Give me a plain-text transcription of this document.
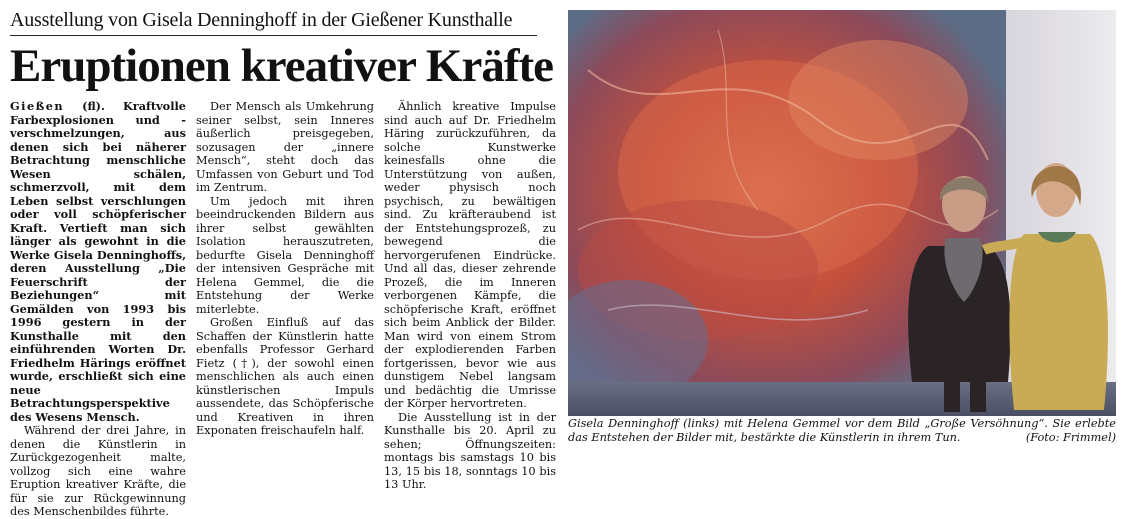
Ausstellung von Gisela Denninghoff in der Gießener Kunsthalle
Eruptionen kreativer Kräfte

Gießen (fl). Kraftvolle Farbexplosionen und -verschmelzungen, aus denen sich bei näherer Betrachtung menschliche Wesen schälen, schmerzvoll, mit dem Leben selbst verschlungen oder voll schöpferischer Kraft. Vertieft man sich länger als gewohnt in die Werke Gisela Denninghoffs, deren Ausstellung „Die Feuerschrift der Beziehungen“ mit Gemälden von 1993 bis 1996 gestern in der Kunsthalle mit den einführenden Worten Dr. Friedhelm Härings eröffnet wurde, erschließt sich eine neue Betrachtungsperspektive des Wesens Mensch.

Während der drei Jahre, in denen die Künstlerin in Zurückgezogenheit malte, vollzog sich eine wahre Eruption kreativer Kräfte, die für sie zur Rückgewinnung des Menschenbildes führte.

Der Mensch als Umkehrung seiner selbst, sein Inneres äußerlich preisgegeben, sozusagen der „innere Mensch“, steht doch das Umfassen von Geburt und Tod im Zentrum.

Um jedoch mit ihren beeindruckenden Bildern aus ihrer selbst gewählten Isolation herauszutreten, bedurfte Gisela Denninghoff der intensiven Gespräche mit Helena Gemmel, die die Entstehung der Werke miterlebte.

Großen Einfluß auf das Schaffen der Künstlerin hatte ebenfalls Professor Gerhard Fietz (†), der sowohl einen menschlichen als auch einen künstlerischen Impuls aussendete, das Schöpferische und Kreativen in ihren Exponaten freischaufeln half.

Ähnlich kreative Impulse sind auch auf Dr. Friedhelm Häring zurückzuführen, da solche Kunstwerke keinesfalls ohne die Unterstützung von außen, weder physisch noch psychisch, zu bewältigen sind. Zu kräfteraubend ist der Entstehungsprozeß, zu bewegend die hervorgerufenen Eindrücke. Und all das, dieser zehrende Prozeß, die im Inneren verborgenen Kämpfe, die schöpferische Kraft, eröffnet sich beim Anblick der Bilder. Man wird von einem Strom der explodierenden Farben fortgerissen, bevor wie aus dunstigem Nebel langsam und bedächtig die Umrisse der Körper hervortreten.

Die Ausstellung ist in der Kunsthalle bis 20. April zu sehen; Öffnungszeiten: montags bis samstags 10 bis 13, 15 bis 18, sonntags 10 bis 13 Uhr.

Gisela Denninghoff (links) mit Helena Gemmel vor dem Bild „Große Versöhnung“. Sie erlebte das Entstehen der Bilder mit, bestärkte die Künstlerin in ihrem Tun.	(Foto: Frimmel)
